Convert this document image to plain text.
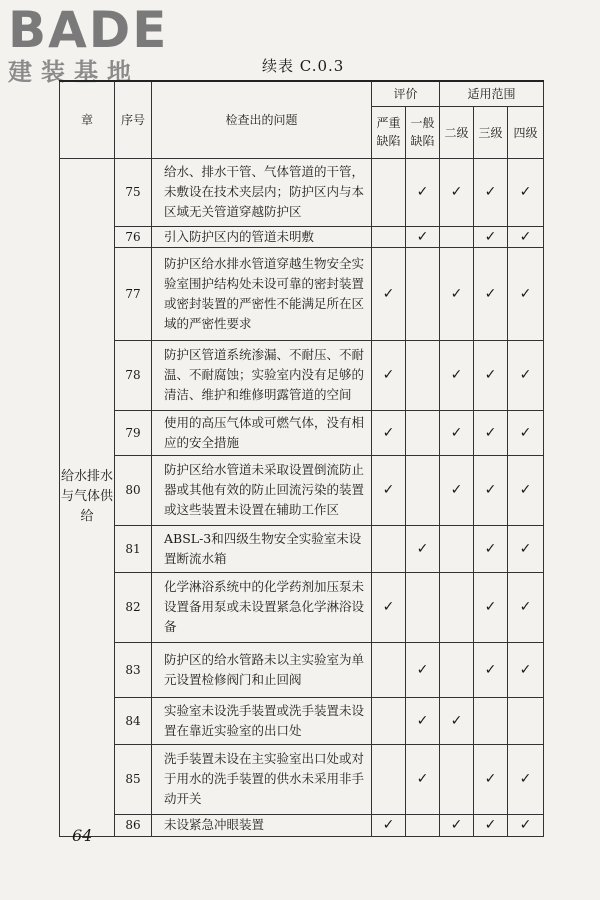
BADE
建装基地	续表 C.0.3
章	序号	检查出的问题	评价		适用范围		
			严重缺陷	一般缺陷	二级	三级	四级
给水排水与气体供给	75	给水、排水干管、气体管道的干管，未敷设在技术夹层内；防护区内与本区域无关管道穿越防护区		✓	✓	✓	✓
	76	引入防护区内的管道未明敷		✓		✓	✓
	77	防护区给水排水管道穿越生物安全实验室围护结构处未设可靠的密封装置或密封装置的严密性不能满足所在区域的严密性要求	✓		✓	✓	✓
	78	防护区管道系统渗漏、不耐压、不耐温、不耐腐蚀；实验室内没有足够的清洁、维护和维修明露管道的空间	✓		✓	✓	✓
	79	使用的高压气体或可燃气体，没有相应的安全措施	✓		✓	✓	✓
	80	防护区给水管道未采取设置倒流防止器或其他有效的防止回流污染的装置或这些装置未设置在辅助工作区	✓		✓	✓	✓
	81	ABSL-3和四级生物安全实验室未设置断流水箱		✓		✓	✓
	82	化学淋浴系统中的化学药剂加压泵未设置备用泵或未设置紧急化学淋浴设备	✓			✓	✓
	83	防护区的给水管路未以主实验室为单元设置检修阀门和止回阀		✓		✓	✓
	84	实验室未设洗手装置或洗手装置未设置在靠近实验室的出口处		✓	✓		
	85	洗手装置未设在主实验室出口处或对于用水的洗手装置的供水未采用非手动开关		✓		✓	✓
	86	未设紧急冲眼装置	✓		✓	✓	✓
64
